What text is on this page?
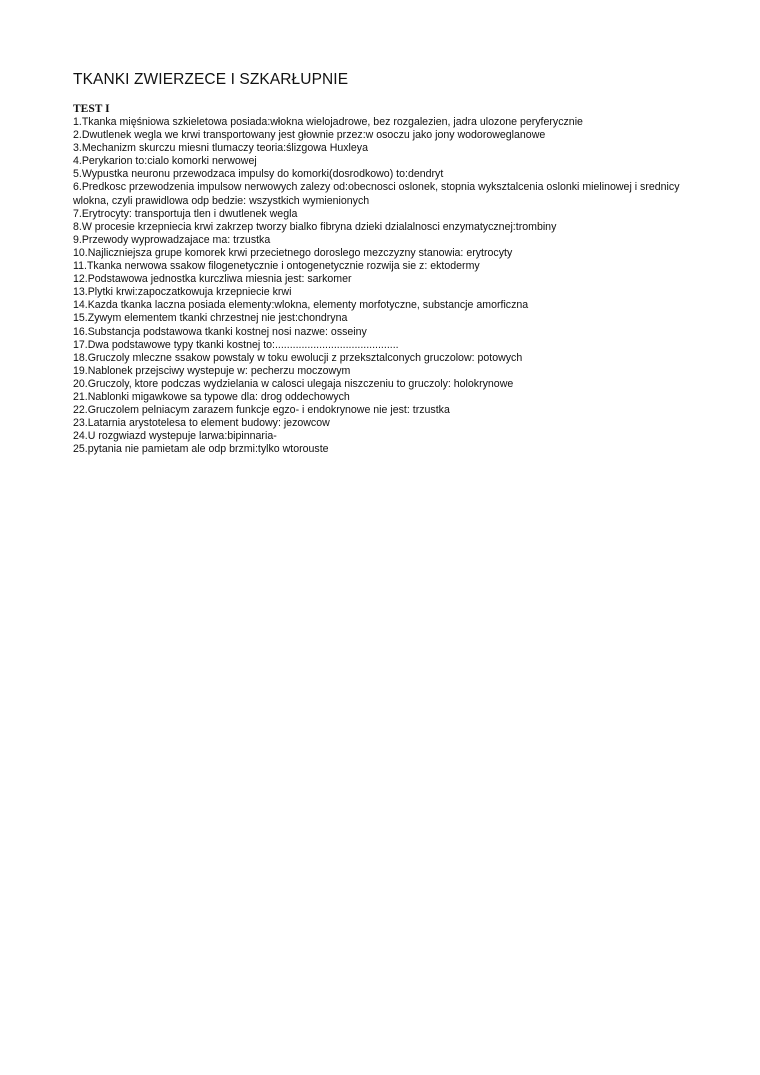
TKANKI ZWIERZECE I SZKARŁUPNIE
TEST I
1.Tkanka mięśniowa szkieletowa posiada:włokna wielojadrowe, bez rozgalezien, jadra ulozone peryferycznie
2.Dwutlenek wegla we krwi transportowany jest głownie przez:w osoczu jako jony wodoroweglanowe
3.Mechanizm skurczu miesni tlumaczy teoria:ślizgowa Huxleya
4.Perykarion to:cialo komorki nerwowej
5.Wypustka neuronu przewodzaca impulsy do komorki(dosrodkowo) to:dendryt
6.Predkosc przewodzenia impulsow nerwowych zalezy od:obecnosci oslonek, stopnia wyksztalcenia oslonki mielinowej i srednicy wlokna, czyli prawidlowa odp bedzie: wszystkich wymienionych
7.Erytrocyty: transportuja tlen i dwutlenek wegla
8.W procesie krzepniecia krwi zakrzep tworzy bialko fibryna dzieki dzialalnosci enzymatycznej:trombiny
9.Przewody wyprowadzajace ma: trzustka
10.Najliczniejsza grupe komorek krwi przecietnego doroslego mezczyzny stanowia: erytrocyty
11.Tkanka nerwowa ssakow filogenetycznie i ontogenetycznie rozwija sie z: ektodermy
12.Podstawowa jednostka kurczliwa miesnia jest: sarkomer
13.Plytki krwi:zapoczatkowuja krzepniecie krwi
14.Kazda tkanka laczna posiada elementy:wlokna, elementy morfotyczne, substancje amorficzna
15.Zywym elementem tkanki chrzestnej nie jest:chondryna
16.Substancja podstawowa tkanki kostnej nosi nazwe: osseiny
17.Dwa podstawowe typy tkanki kostnej to:..........................................
18.Gruczoly mleczne ssakow powstaly w toku ewolucji z przeksztalconych gruczolow: potowych
19.Nablonek przejsciwy wystepuje w: pecherzu moczowym
20.Gruczoly, ktore podczas wydzielania w calosci ulegaja niszczeniu to gruczoly: holokrynowe
21.Nablonki migawkowe sa typowe dla: drog oddechowych
22.Gruczolem pelniacym zarazem funkcje egzo- i endokrynowe nie jest: trzustka
23.Latarnia arystotelesa to element budowy: jezowcow
24.U rozgwiazd wystepuje larwa:bipinnaria-
25.pytania nie pamietam ale odp brzmi:tylko wtorouste
